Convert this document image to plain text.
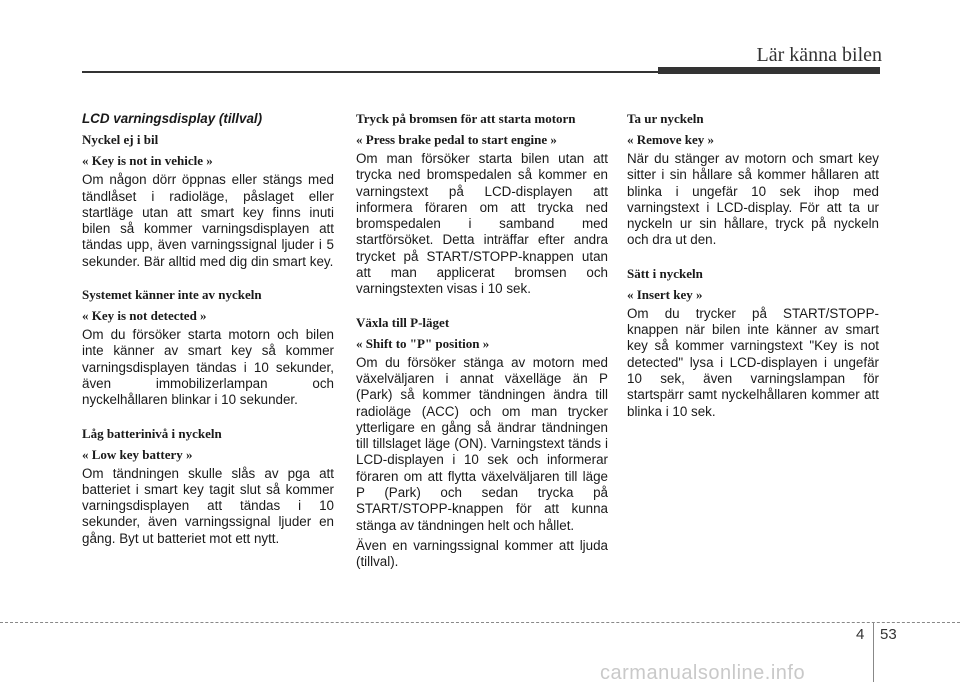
Lär känna bilen
LCD varningsdisplay (tillval)
Nyckel ej i bil
« Key is not in vehicle »

Om någon dörr öppnas eller stängs med tändlåset i radioläge, påslaget eller startläge utan att smart key finns inuti bilen så kommer varningsdisplayen att tändas upp, även varningssignal ljuder i 5 sekunder. Bär alltid med dig din smart key.

Systemet känner inte av nyckeln
« Key is not detected »

Om du försöker starta motorn och bilen inte känner av smart key så kommer varningsdisplayen tändas i 10 sekunder, även immobilizerlampan och nyckelhållaren blinkar i 10 sekunder.

Låg batterinivå i nyckeln
« Low key battery »

Om tändningen skulle slås av pga att batteriet i smart key tagit slut så kommer varningsdisplayen att tändas i 10 sekunder, även varningssignal ljuder en gång. Byt ut batteriet mot ett nytt.

Tryck på bromsen för att starta motorn
« Press brake pedal to start engine »

Om man försöker starta bilen utan att trycka ned bromspedalen så kommer en varningstext på LCD-displayen att informera föraren om att trycka ned bromspedalen i samband med startförsöket. Detta inträffar efter andra trycket på START/STOPP-knappen utan att man applicerat bromsen och varningstexten visas i 10 sek.

Växla till P-läget
« Shift to "P" position »

Om du försöker stänga av motorn med växelväljaren i annat växelläge än P (Park) så kommer tändningen ändra till radioläge (ACC) och om man trycker ytterligare en gång så ändrar tändningen till tillslaget läge (ON). Varningstext tänds i LCD-displayen i 10 sek och informerar föraren om att flytta växelväljaren till läge P (Park) och sedan trycka på START/STOPP-knappen för att kunna stänga av tändningen helt och hållet.

Även en varningssignal kommer att ljuda (tillval).

Ta ur nyckeln
« Remove key »

När du stänger av motorn och smart key sitter i sin hållare så kommer hållaren att blinka i ungefär 10 sek ihop med varningstext i LCD-display. För att ta ur nyckeln ur sin hållare, tryck på nyckeln och dra ut den.

Sätt i nyckeln
« Insert key »

Om du trycker på START/STOPP-knappen när bilen inte känner av smart key så kommer varningstext "Key is not detected" lysa i LCD-displayen i ungefär 10 sek, även varningslampan för startspärr samt nyckelhållaren kommer att blinka i 10 sek.

4 53
carmanualsonline.info
